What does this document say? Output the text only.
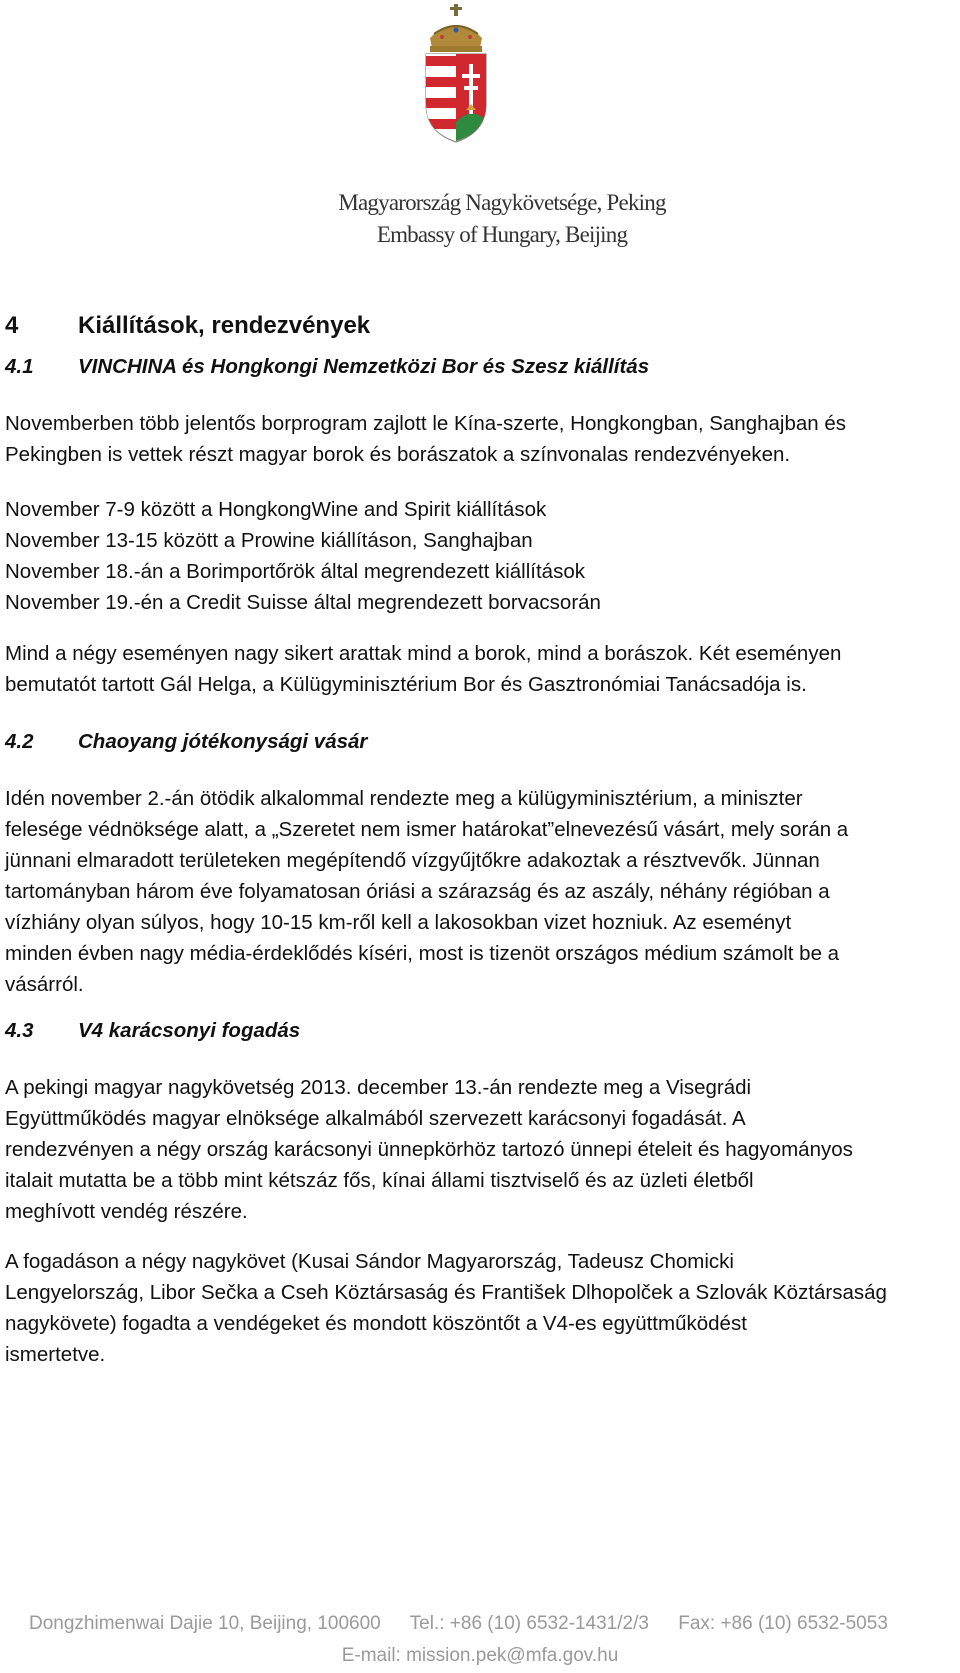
Magyarország Nagykövetsége, Peking
Embassy of Hungary, Beijing
4 Kiállítások, rendezvények
4.1 VINCHINA és Hongkongi Nemzetközi Bor és Szesz kiállítás

Novemberben több jelentős borprogram zajlott le Kína-szerte, Hongkongban, Sanghajban és
Pekingben is vettek részt magyar borok és borászatok a színvonalas rendezvényeken.

November 7-9 között a HongkongWine and Spirit kiállítások
November 13-15 között a Prowine kiállításon, Sanghajban
November 18.-án a Borimportőrök által megrendezett kiállítások
November 19.-én a Credit Suisse által megrendezett borvacsorán

Mind a négy eseményen nagy sikert arattak mind a borok, mind a borászok. Két eseményen
bemutatót tartott Gál Helga, a Külügyminisztérium Bor és Gasztronómiai Tanácsadója is.

4.2 Chaoyang jótékonysági vásár

Idén november 2.-án ötödik alkalommal rendezte meg a külügyminisztérium, a miniszter
felesége védnöksége alatt, a „Szeretet nem ismer határokat”elnevezésű vásárt, mely során a
jünnani elmaradott területeken megépítendő vízgyűjtőkre adakoztak a résztvevők. Jünnan
tartományban három éve folyamatosan óriási a szárazság és az aszály, néhány régióban a
vízhiány olyan súlyos, hogy 10-15 km-ről kell a lakosokban vizet hozniuk. Az eseményt
minden évben nagy média-érdeklődés kíséri, most is tizenöt országos médium számolt be a
vásárról.

4.3 V4 karácsonyi fogadás

A pekingi magyar nagykövetség 2013. december 13.-án rendezte meg a Visegrádi
Együttműködés magyar elnöksége alkalmából szervezett karácsonyi fogadását. A
rendezvényen a négy ország karácsonyi ünnepkörhöz tartozó ünnepi ételeit és hagyományos
italait mutatta be a több mint kétszáz fős, kínai állami tisztviselő és az üzleti életből
meghívott vendég részére.

A fogadáson a négy nagykövet (Kusai Sándor Magyarország, Tadeusz Chomicki
Lengyelország, Libor Sečka a Cseh Köztársaság és František Dlhopolček a Szlovák Köztársaság
nagykövete) fogadta a vendégeket és mondott köszöntőt a V4-es együttműködést
ismertetve.

Dongzhimenwai Dajie 10, Beijing, 100600 Tel.: +86 (10) 6532-1431/2/3 Fax: +86 (10) 6532-5053
E-mail: mission.pek@mfa.gov.hu
